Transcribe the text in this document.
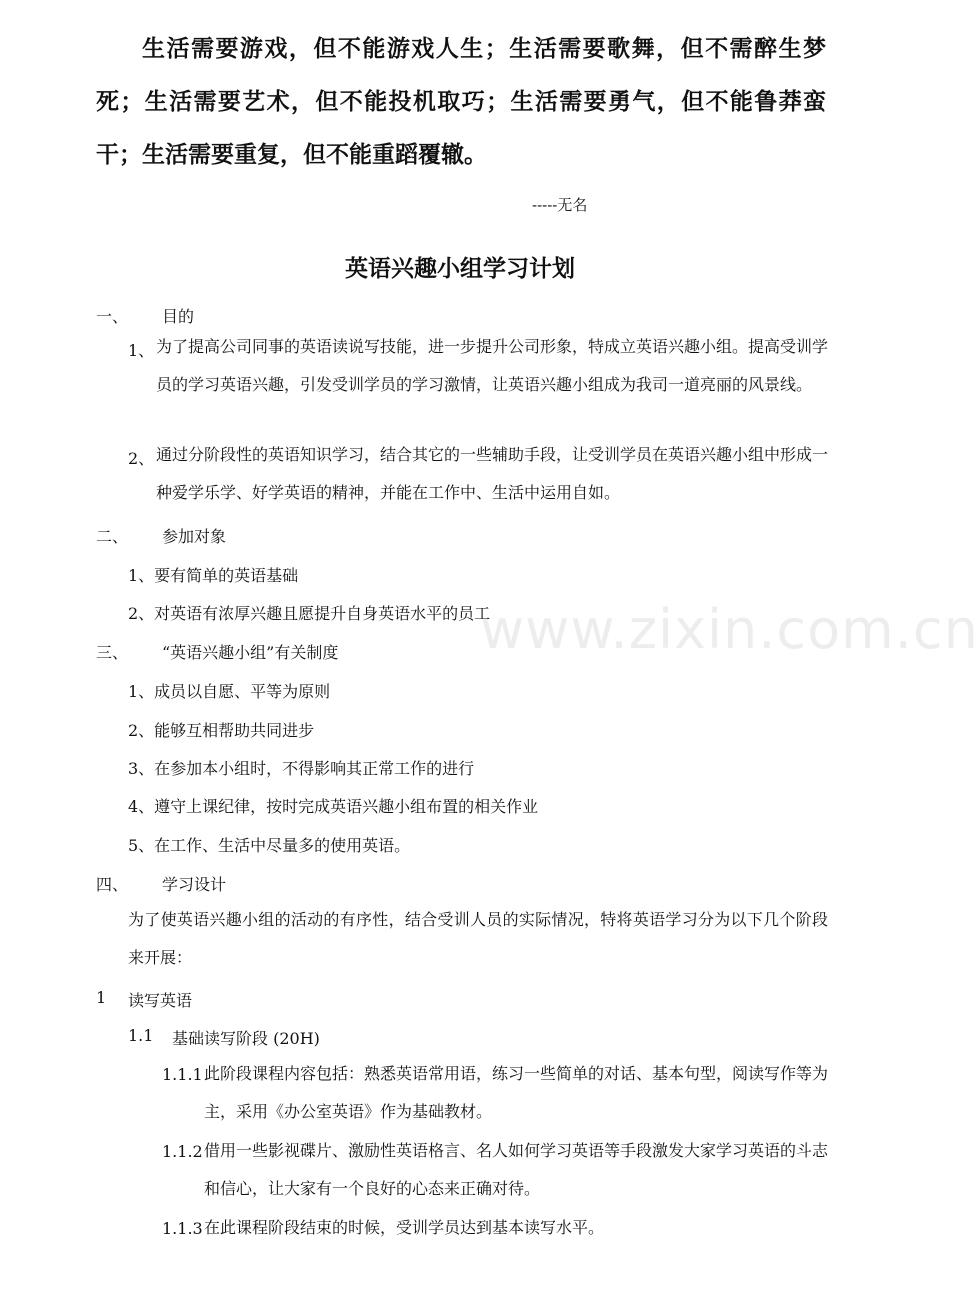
www.zixin.com.cn
生活需要游戏，但不能游戏人生；生活需要歌舞，但不需醉生梦死；生活需要艺术，但不能投机取巧；生活需要勇气，但不能鲁莽蛮干；生活需要重复，但不能重蹈覆辙。
-----无名
英语兴趣小组学习计划
一、 目的
1、 为了提高公司同事的英语读说写技能，进一步提升公司形象，特成立英语兴趣小组。提高受训学员的学习英语兴趣，引发受训学员的学习激情，让英语兴趣小组成为我司一道亮丽的风景线。
2、 通过分阶段性的英语知识学习，结合其它的一些辅助手段，让受训学员在英语兴趣小组中形成一种爱学乐学、好学英语的精神，并能在工作中、生活中运用自如。
二、 参加对象
1、要有简单的英语基础
2、对英语有浓厚兴趣且愿提升自身英语水平的员工
三、 “英语兴趣小组”有关制度
1、成员以自愿、平等为原则
2、能够互相帮助共同进步
3、在参加本小组时，不得影响其正常工作的进行
4、遵守上课纪律，按时完成英语兴趣小组布置的相关作业
5、在工作、生活中尽量多的使用英语。
四、 学习设计
为了使英语兴趣小组的活动的有序性，结合受训人员的实际情况，特将英语学习分为以下几个阶段来开展：
1 读写英语
1.1 基础读写阶段 (20H)
1.1.1 此阶段课程内容包括：熟悉英语常用语，练习一些简单的对话、基本句型，阅读写作等为主，采用《办公室英语》作为基础教材。
1.1.2 借用一些影视碟片、激励性英语格言、名人如何学习英语等手段激发大家学习英语的斗志和信心，让大家有一个良好的心态来正确对待。
1.1.3 在此课程阶段结束的时候，受训学员达到基本读写水平。
